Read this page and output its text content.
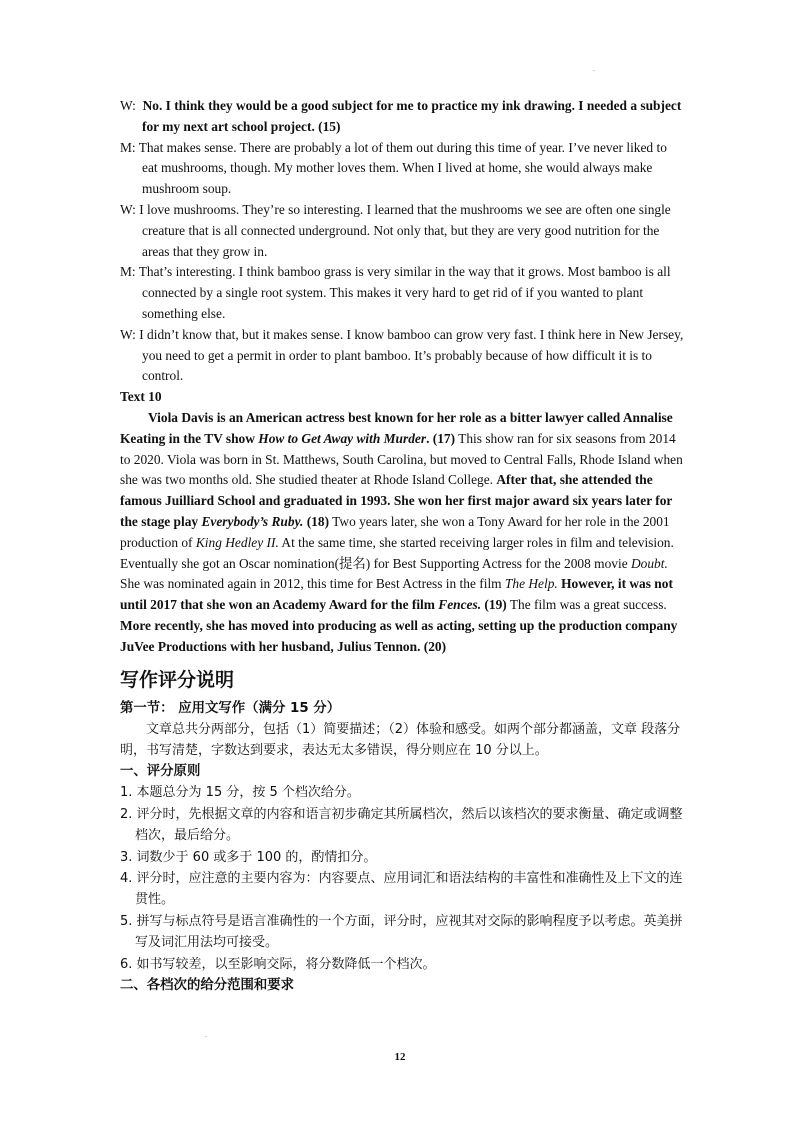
.

W: No. I think they would be a good subject for me to practice my ink drawing. I needed a subject for my next art school project. (15)

M: That makes sense. There are probably a lot of them out during this time of year. I’ve never liked to eat mushrooms, though. My mother loves them. When I lived at home, she would always make mushroom soup.

W: I love mushrooms. They’re so interesting. I learned that the mushrooms we see are often one single creature that is all connected underground. Not only that, but they are very good nutrition for the areas that they grow in.

M: That’s interesting. I think bamboo grass is very similar in the way that it grows. Most bamboo is all connected by a single root system. This makes it very hard to get rid of if you wanted to plant something else.

W: I didn’t know that, but it makes sense. I know bamboo can grow very fast. I think here in New Jersey, you need to get a permit in order to plant bamboo. It’s probably because of how difficult it is to control.

Text 10

Viola Davis is an American actress best known for her role as a bitter lawyer called Annalise Keating in the TV show How to Get Away with Murder. (17) This show ran for six seasons from 2014 to 2020. Viola was born in St. Matthews, South Carolina, but moved to Central Falls, Rhode Island when she was two months old. She studied theater at Rhode Island College. After that, she attended the famous Juilliard School and graduated in 1993. She won her first major award six years later for the stage play Everybody’s Ruby. (18) Two years later, she won a Tony Award for her role in the 2001 production of King Hedley II. At the same time, she started receiving larger roles in film and television. Eventually she got an Oscar nomination(提名) for Best Supporting Actress for the 2008 movie Doubt. She was nominated again in 2012, this time for Best Actress in the film The Help. However, it was not until 2017 that she won an Academy Award for the film Fences. (19) The film was a great success. More recently, she has moved into producing as well as acting, setting up the production company JuVee Productions with her husband, Julius Tennon. (20)

写作评分说明

第一节： 应用文写作（满分 15 分）

文章总共分两部分，包括（1）简要描述；（2）体验和感受。如两个部分都涵盖，文章 段落分明，书写清楚，字数达到要求，表达无太多错误，得分则应在 10 分以上。

一、评分原则

1. 本题总分为 15 分，按 5 个档次给分。

2. 评分时，先根据文章的内容和语言初步确定其所属档次，然后以该档次的要求衡量、确定或调整档次，最后给分。

3. 词数少于 60 或多于 100 的，酌情扣分。

4. 评分时，应注意的主要内容为：内容要点、应用词汇和语法结构的丰富性和准确性及上下文的连贯性。

5. 拼写与标点符号是语言准确性的一个方面，评分时，应视其对交际的影响程度予以考虑。英美拼写及词汇用法均可接受。

6. 如书写较差，以至影响交际，将分数降低一个档次。

二、各档次的给分范围和要求

.
12
